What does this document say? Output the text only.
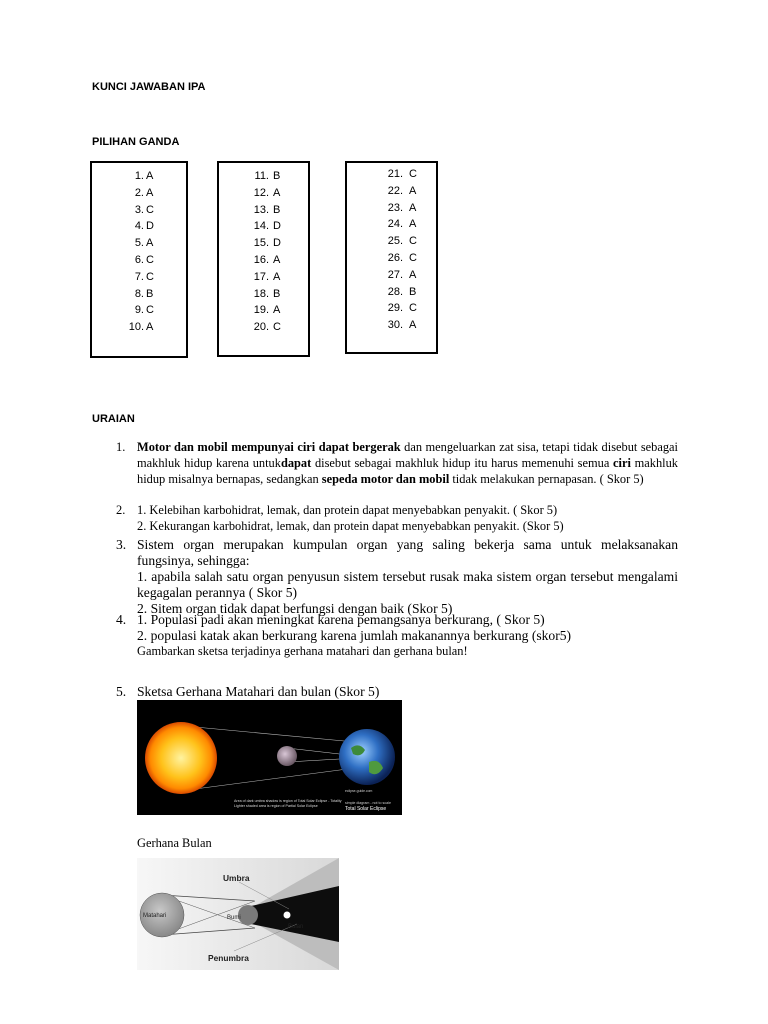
KUNCI JAWABAN IPA
PILIHAN GANDA
1. A
2. A
3. C
4. D
5. A
6. C
7. C
8. B
9. C
10. A
11. B
12. A
13. B
14. D
15. D
16. A
17. A
18. B
19. A
20. C
21. C
22. A
23. A
24. A
25. C
26. C
27. A
28. B
29. C
30. A
URAIAN
1. Motor dan mobil mempunyai ciri dapat bergerak dan mengeluarkan zat sisa, tetapi tidak disebut sebagai makhluk hidup karena untukdapat disebut sebagai makhluk hidup itu harus memenuhi semua ciri makhluk hidup misalnya bernapas, sedangkan sepeda motor dan mobil tidak melakukan pernapasan. ( Skor 5)
2. 1. Kelebihan karbohidrat, lemak, dan protein dapat menyebabkan penyakit. ( Skor 5)
2. Kekurangan karbohidrat, lemak, dan protein dapat menyebabkan penyakit. (Skor 5)
3. Sistem organ merupakan kumpulan organ yang saling bekerja sama untuk melaksanakan fungsinya, sehingga:
1. apabila salah satu organ penyusun sistem tersebut rusak maka sistem organ tersebut mengalami kegagalan perannya ( Skor 5)
2. Sitem organ tidak dapat berfungsi dengan baik (Skor 5)
4. 1. Populasi padi akan meningkat karena pemangsanya berkurang, ( Skor 5)
2. populasi katak akan berkurang karena jumlah makanannya berkurang (skor5)
Gambarkan sketsa terjadinya gerhana matahari dan gerhana bulan!
5. Sketsa Gerhana Matahari dan bulan (Skor 5)
Area of dark umbra shadow is region of Total Solar Eclipse - Totality
Lighter shaded area is region of Partial Solar Eclipse
eclipse-guide.com
simple diagram - not to scale
Total Solar Eclipse
Gerhana Bulan
Umbra
Matahari	Bumi
Bulan
Penumbra
